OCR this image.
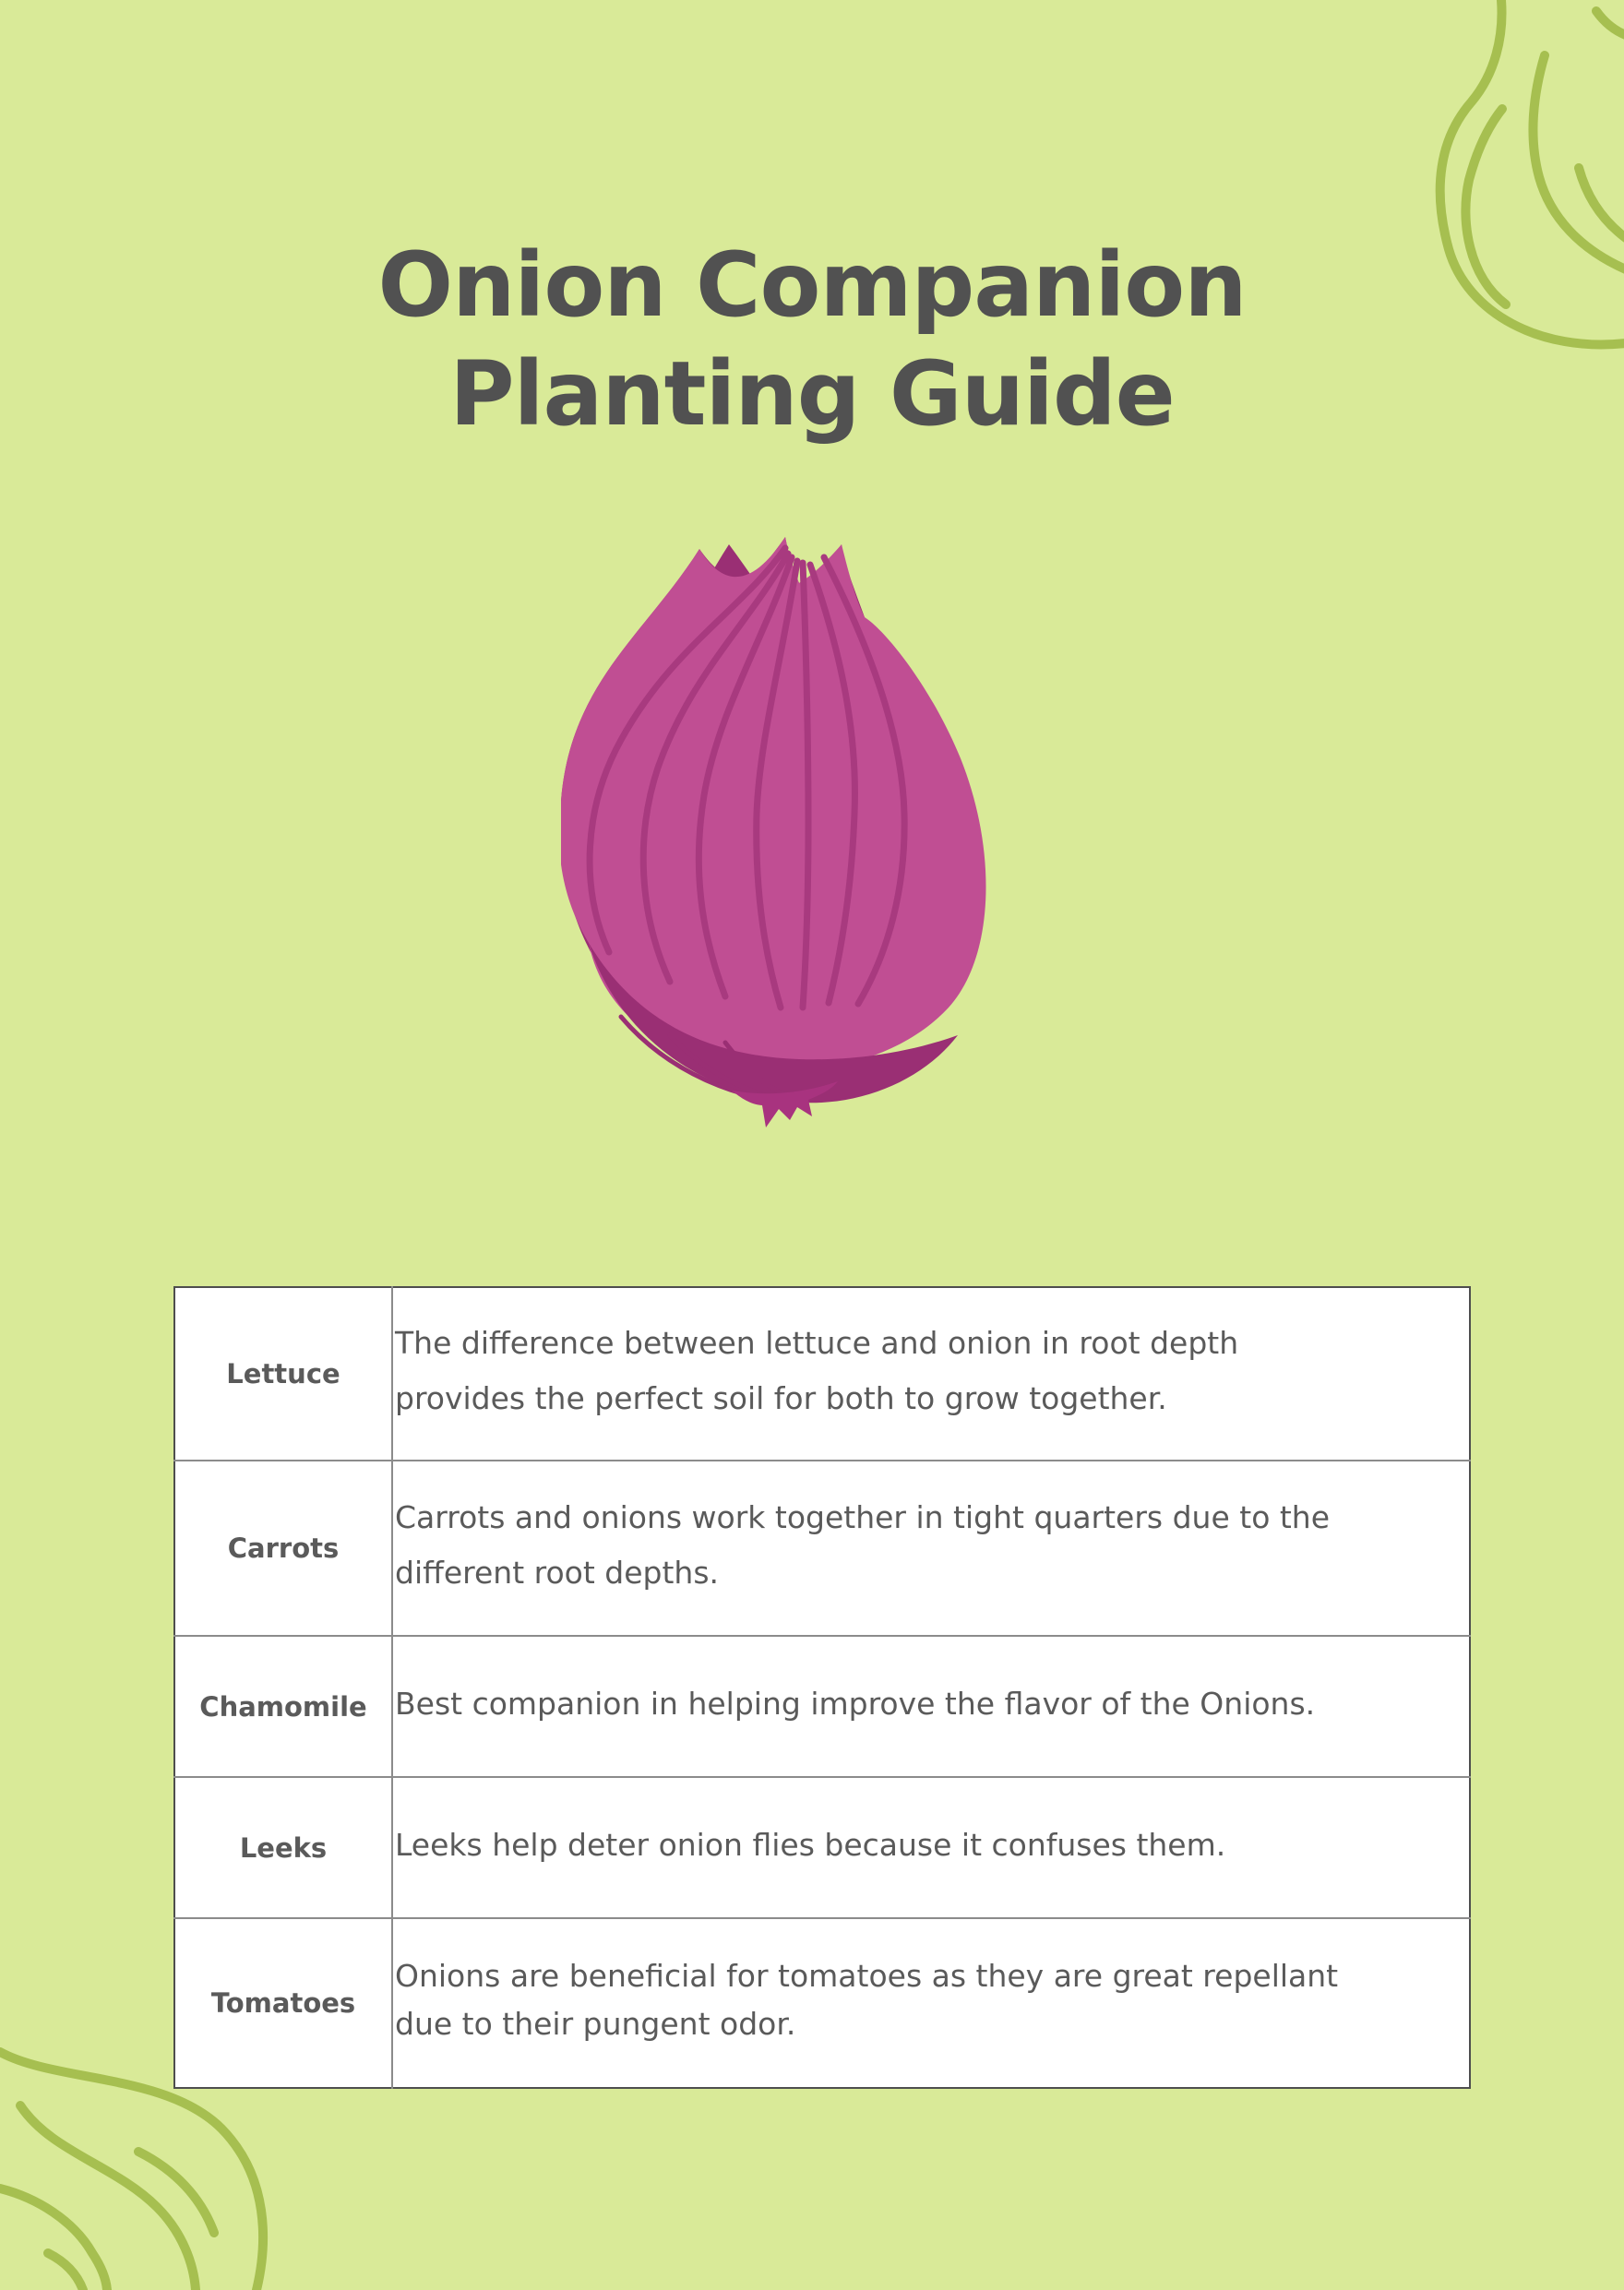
Onion Companion
Planting Guide
Lettuce	The difference between lettuce and onion in root depth provides the perfect soil for both to grow together.
Carrots	Carrots and onions work together in tight quarters due to the different root depths.
Chamomile	Best companion in helping improve the flavor of the Onions.
Leeks	Leeks help deter onion flies because it confuses them.
Tomatoes	Onions are beneficial for tomatoes as they are great repellant due to their pungent odor.
